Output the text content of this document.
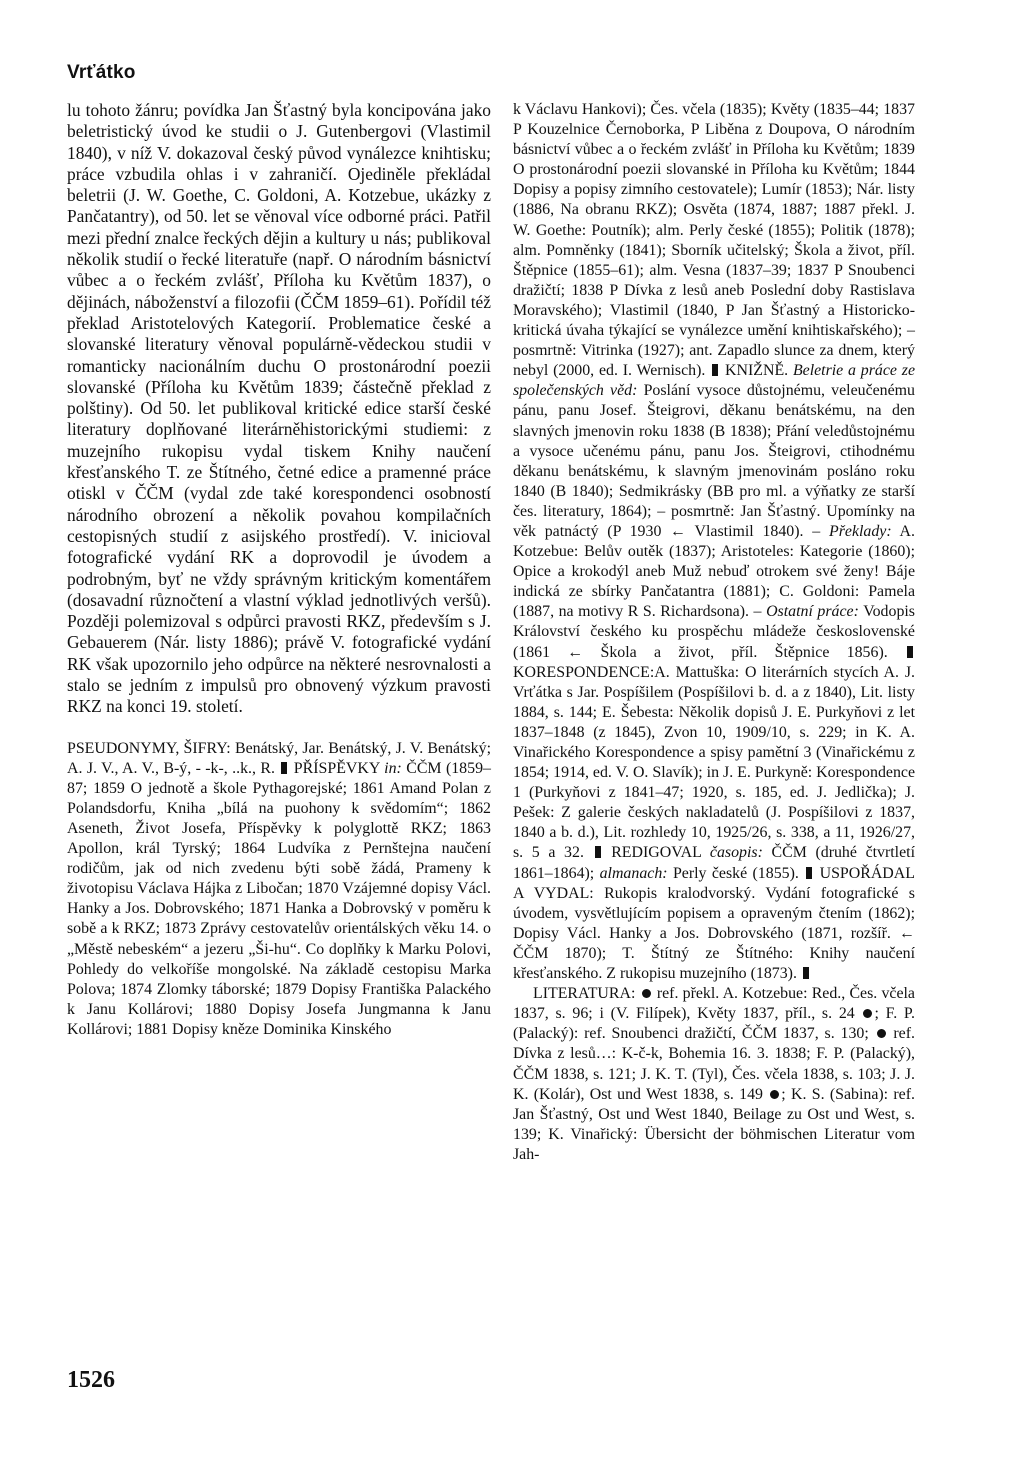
Vrťátko

lu tohoto žánru; povídka Jan Šťastný byla koncipována jako beletristický úvod ke studii o J. Gutenbergovi (Vlastimil 1840), v níž V. dokazoval český původ vynálezce knihtisku; práce vzbudila ohlas i v zahraničí. Ojediněle překládal beletrii (J. W. Goethe, C. Goldoni, A. Kotzebue, ukázky z Pančatantry), od 50. let se věnoval více odborné práci. Patřil mezi přední znalce řeckých dějin a kultury u nás; publikoval několik studií o řecké literatuře (např. O národním básnictví vůbec a o řeckém zvlášť, Příloha ku Květům 1837), o dějinách, náboženství a filozofii (ČČM 1859–61). Pořídil též překlad Aristotelových Kategorií. Problematice české a slovanské literatury věnoval populárně-vědeckou studii v romanticky nacionálním duchu O prostonárodní poezii slovanské (Příloha ku Květům 1839; částečně překlad z polštiny). Od 50. let publikoval kritické edice starší české literatury doplňované literárněhistorickými studiemi: z muzejního rukopisu vydal tiskem Knihy naučení křesťanského T. ze Štítného, četné edice a pramenné práce otiskl v ČČM (vydal zde také korespondenci osobností národního obrození a několik povahou kompilačních cestopisných studií z asijského prostředí). V. inicioval fotografické vydání RK a doprovodil je úvodem a podrobným, byť ne vždy správným kritickým komentářem (dosavadní různočtení a vlastní výklad jednotlivých veršů). Později polemizoval s odpůrci pravosti RKZ, především s J. Gebauerem (Nár. listy 1886); právě V. fotografické vydání RK však upozornilo jeho odpůrce na některé nesrovnalosti a stalo se jedním z impulsů pro obnovený výzkum pravosti RKZ na konci 19. století.

PSEUDONYMY, ŠIFRY: Benátský, Jar. Benátský, J. V. Benátský; A. J. V., A. V., B-ý, - -k-, ..k., R. PŘÍSPĚVKY in: ČČM (1859–87; 1859 O jednotě a škole Pythagorejské; 1861 Amand Polan z Polandsdorfu, Kniha „bílá na puohony k svědomím“; 1862 Aseneth, Život Josefa, Příspěvky k polyglottě RKZ; 1863 Apollon, král Tyrský; 1864 Ludvíka z Pernštejna naučení rodičům, jak od nich zvedenu býti sobě žádá, Prameny k životopisu Václava Hájka z Libočan; 1870 Vzájemné dopisy Václ. Hanky a Jos. Dobrovského; 1871 Hanka a Dobrovský v poměru k sobě a k RKZ; 1873 Zprávy cestovatelův orientálských věku 14. o „Městě nebeském“ a jezeru „Ši-hu“. Co doplňky k Marku Polovi, Pohledy do velkoříše mongolské. Na základě cestopisu Marka Polova; 1874 Zlomky táborské; 1879 Dopisy Františka Palackého k Janu Kollárovi; 1880 Dopisy Josefa Jungmanna k Janu Kollárovi; 1881 Dopisy kněze Dominika Kinského

k Václavu Hankovi); Čes. včela (1835); Květy (1835–44; 1837 P Kouzelnice Černoborka, P Liběna z Doupova, O národním básnictví vůbec a o řeckém zvlášť in Příloha ku Květům; 1839 O prostonárodní poezii slovanské in Příloha ku Květům; 1844 Dopisy a popisy zimního cestovatele); Lumír (1853); Nár. listy (1886, Na obranu RKZ); Osvěta (1874, 1887; 1887 překl. J. W. Goethe: Poutník); alm. Perly české (1855); Politik (1878); alm. Pomněnky (1841); Sborník učitelský; Škola a život, příl. Štěpnice (1855–61); alm. Vesna (1837–39; 1837 P Snoubenci dražičtí; 1838 P Dívka z lesů aneb Poslední doby Rastislava Moravského); Vlastimil (1840, P Jan Šťastný a Historicko-kritická úvaha týkající se vynálezce umění knihtiskařského); – posmrtně: Vitrinka (1927); ant. Zapadlo slunce za dnem, který nebyl (2000, ed. I. Wernisch). KNIŽNĚ. Beletrie a práce ze společenských věd: Poslání vysoce důstojnému, veleučenému pánu, panu Josef. Šteigrovi, děkanu benátskému, na den slavných jmenovin roku 1838 (B 1838); Přání veledůstojnému a vysoce učenému pánu, panu Jos. Šteigrovi, ctihodnému děkanu benátskému, k slavným jmenovinám posláno roku 1840 (B 1840); Sedmikrásky (BB pro ml. a výňatky ze starší čes. literatury, 1864); – posmrtně: Jan Šťastný. Upomínky na věk patnáctý (P 1930 ← Vlastimil 1840). – Překlady: A. Kotzebue: Belův outěk (1837); Aristoteles: Kategorie (1860); Opice a krokodýl aneb Muž nebuď otrokem své ženy! Báje indická ze sbírky Pančatantra (1881); C. Goldoni: Pamela (1887, na motivy R S. Richardsona). – Ostatní práce: Vodopis Království českého ku prospěchu mládeže československé (1861 ← Škola a život, příl. Štěpnice 1856). KORESPONDENCE:A. Mattuška: O literárních stycích A. J. Vrťátka s Jar. Pospíšilem (Pospíšilovi b. d. a z 1840), Lit. listy 1884, s. 144; E. Šebesta: Několik dopisů J. E. Purkyňovi z let 1837–1848 (z 1845), Zvon 10, 1909/10, s. 229; in K. A. Vinařického Korespondence a spisy pamětní 3 (Vinařickému z 1854; 1914, ed. V. O. Slavík); in J. E. Purkyně: Korespondence 1 (Purkyňovi z 1841–47; 1920, s. 185, ed. J. Jedlička); J. Pešek: Z galerie českých nakladatelů (J. Pospíšilovi z 1837, 1840 a b. d.), Lit. rozhledy 10, 1925/26, s. 338, a 11, 1926/27, s. 5 a 32. REDIGOVAL časopis: ČČM (druhé čtvrtletí 1861–1864); almanach: Perly české (1855). USPOŘÁDAL A VYDAL: Rukopis kralodvorský. Vydání fotografické s úvodem, vysvětlujícím popisem a opraveným čtením (1862); Dopisy Václ. Hanky a Jos. Dobrovského (1871, rozšíř. ← ČČM 1870); T. Štítný ze Štítného: Knihy naučení křesťanského. Z rukopisu muzejního (1873).

LITERATURA: ref. překl. A. Kotzebue: Red., Čes. včela 1837, s. 96; i (V. Filípek), Květy 1837, příl., s. 24 ; F. P. (Palacký): ref. Snoubenci dražičtí, ČČM 1837, s. 130; ref. Dívka z lesů…: K-č-k, Bohemia 16. 3. 1838; F. P. (Palacký), ČČM 1838, s. 121; J. K. T. (Tyl), Čes. včela 1838, s. 103; J. J. K. (Kolár), Ost und West 1838, s. 149 ; K. S. (Sabina): ref. Jan Šťastný, Ost und West 1840, Beilage zu Ost und West, s. 139; K. Vinařický: Übersicht der böhmischen Literatur vom Jah-

1526
